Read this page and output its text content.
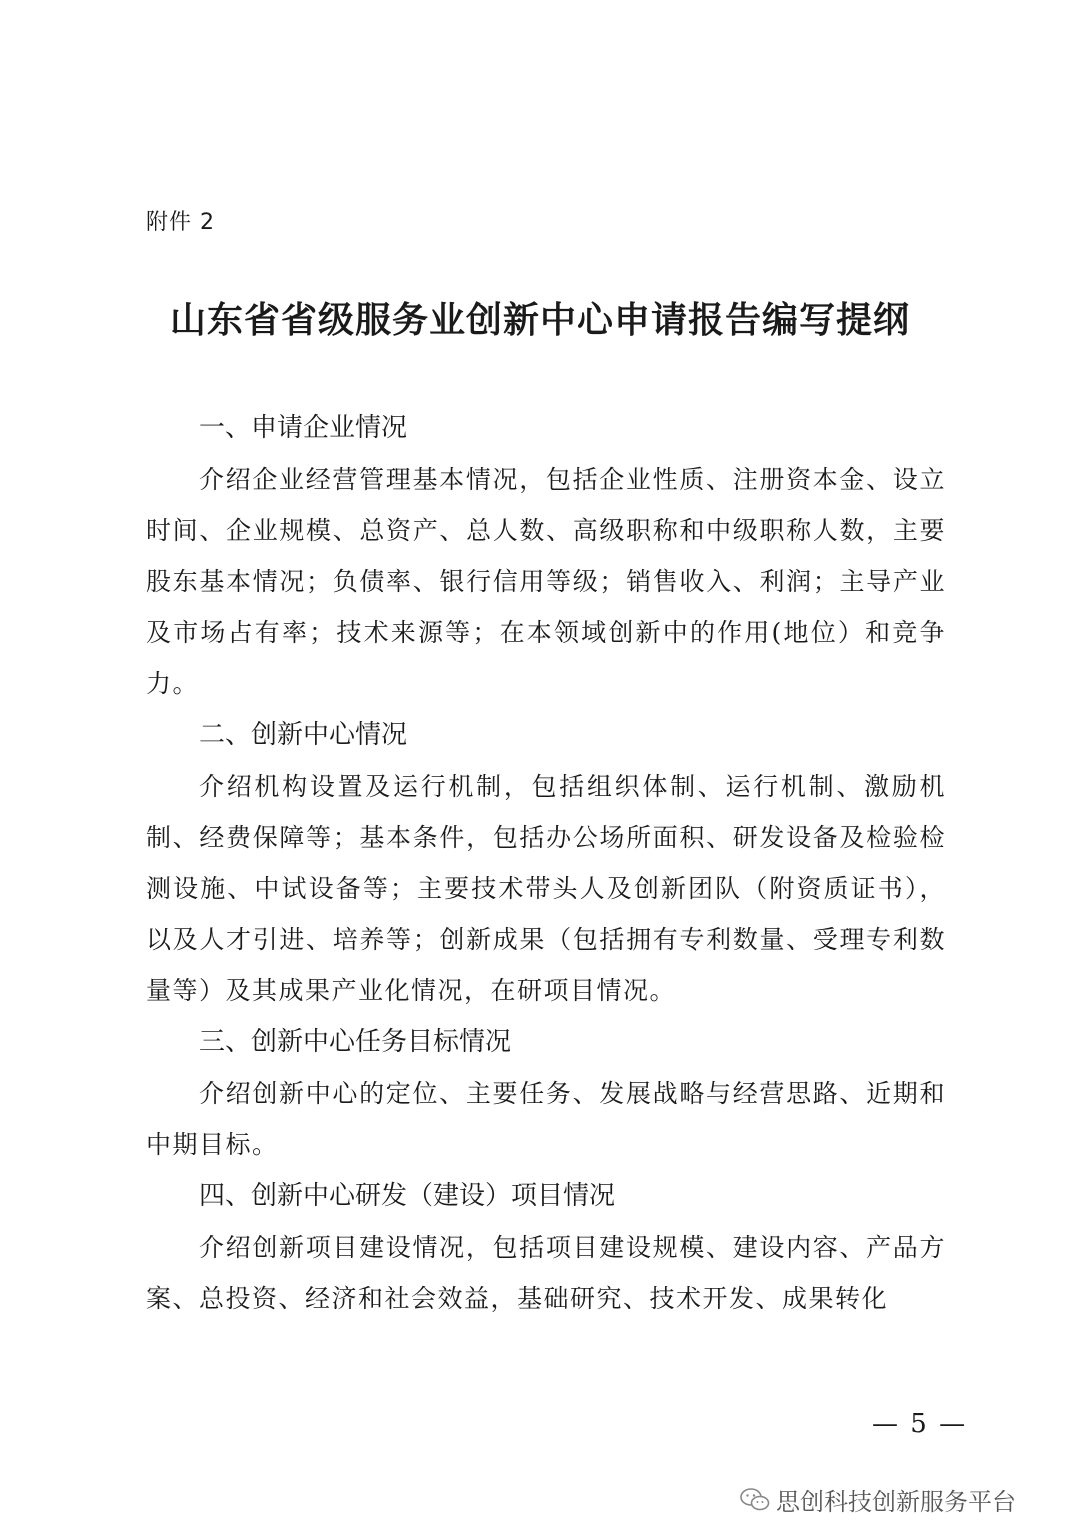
附件 2
山东省省级服务业创新中心申请报告编写提纲

一、申请企业情况

介绍企业经营管理基本情况，包括企业性质、注册资本金、设立时间、企业规模、总资产、总人数、高级职称和中级职称人数，主要股东基本情况；负债率、银行信用等级；销售收入、利润；主导产业及市场占有率；技术来源等；在本领域创新中的作用(地位）和竞争力。

二、创新中心情况

介绍机构设置及运行机制，包括组织体制、运行机制、激励机制、经费保障等；基本条件，包括办公场所面积、研发设备及检验检测设施、中试设备等；主要技术带头人及创新团队（附资质证书），以及人才引进、培养等；创新成果（包括拥有专利数量、受理专利数量等）及其成果产业化情况，在研项目情况。

三、创新中心任务目标情况

介绍创新中心的定位、主要任务、发展战略与经营思路、近期和中期目标。

四、创新中心研发（建设）项目情况

介绍创新项目建设情况，包括项目建设规模、建设内容、产品方案、总投资、经济和社会效益，基础研究、技术开发、成果转化

— 5 —
思创科技创新服务平台
